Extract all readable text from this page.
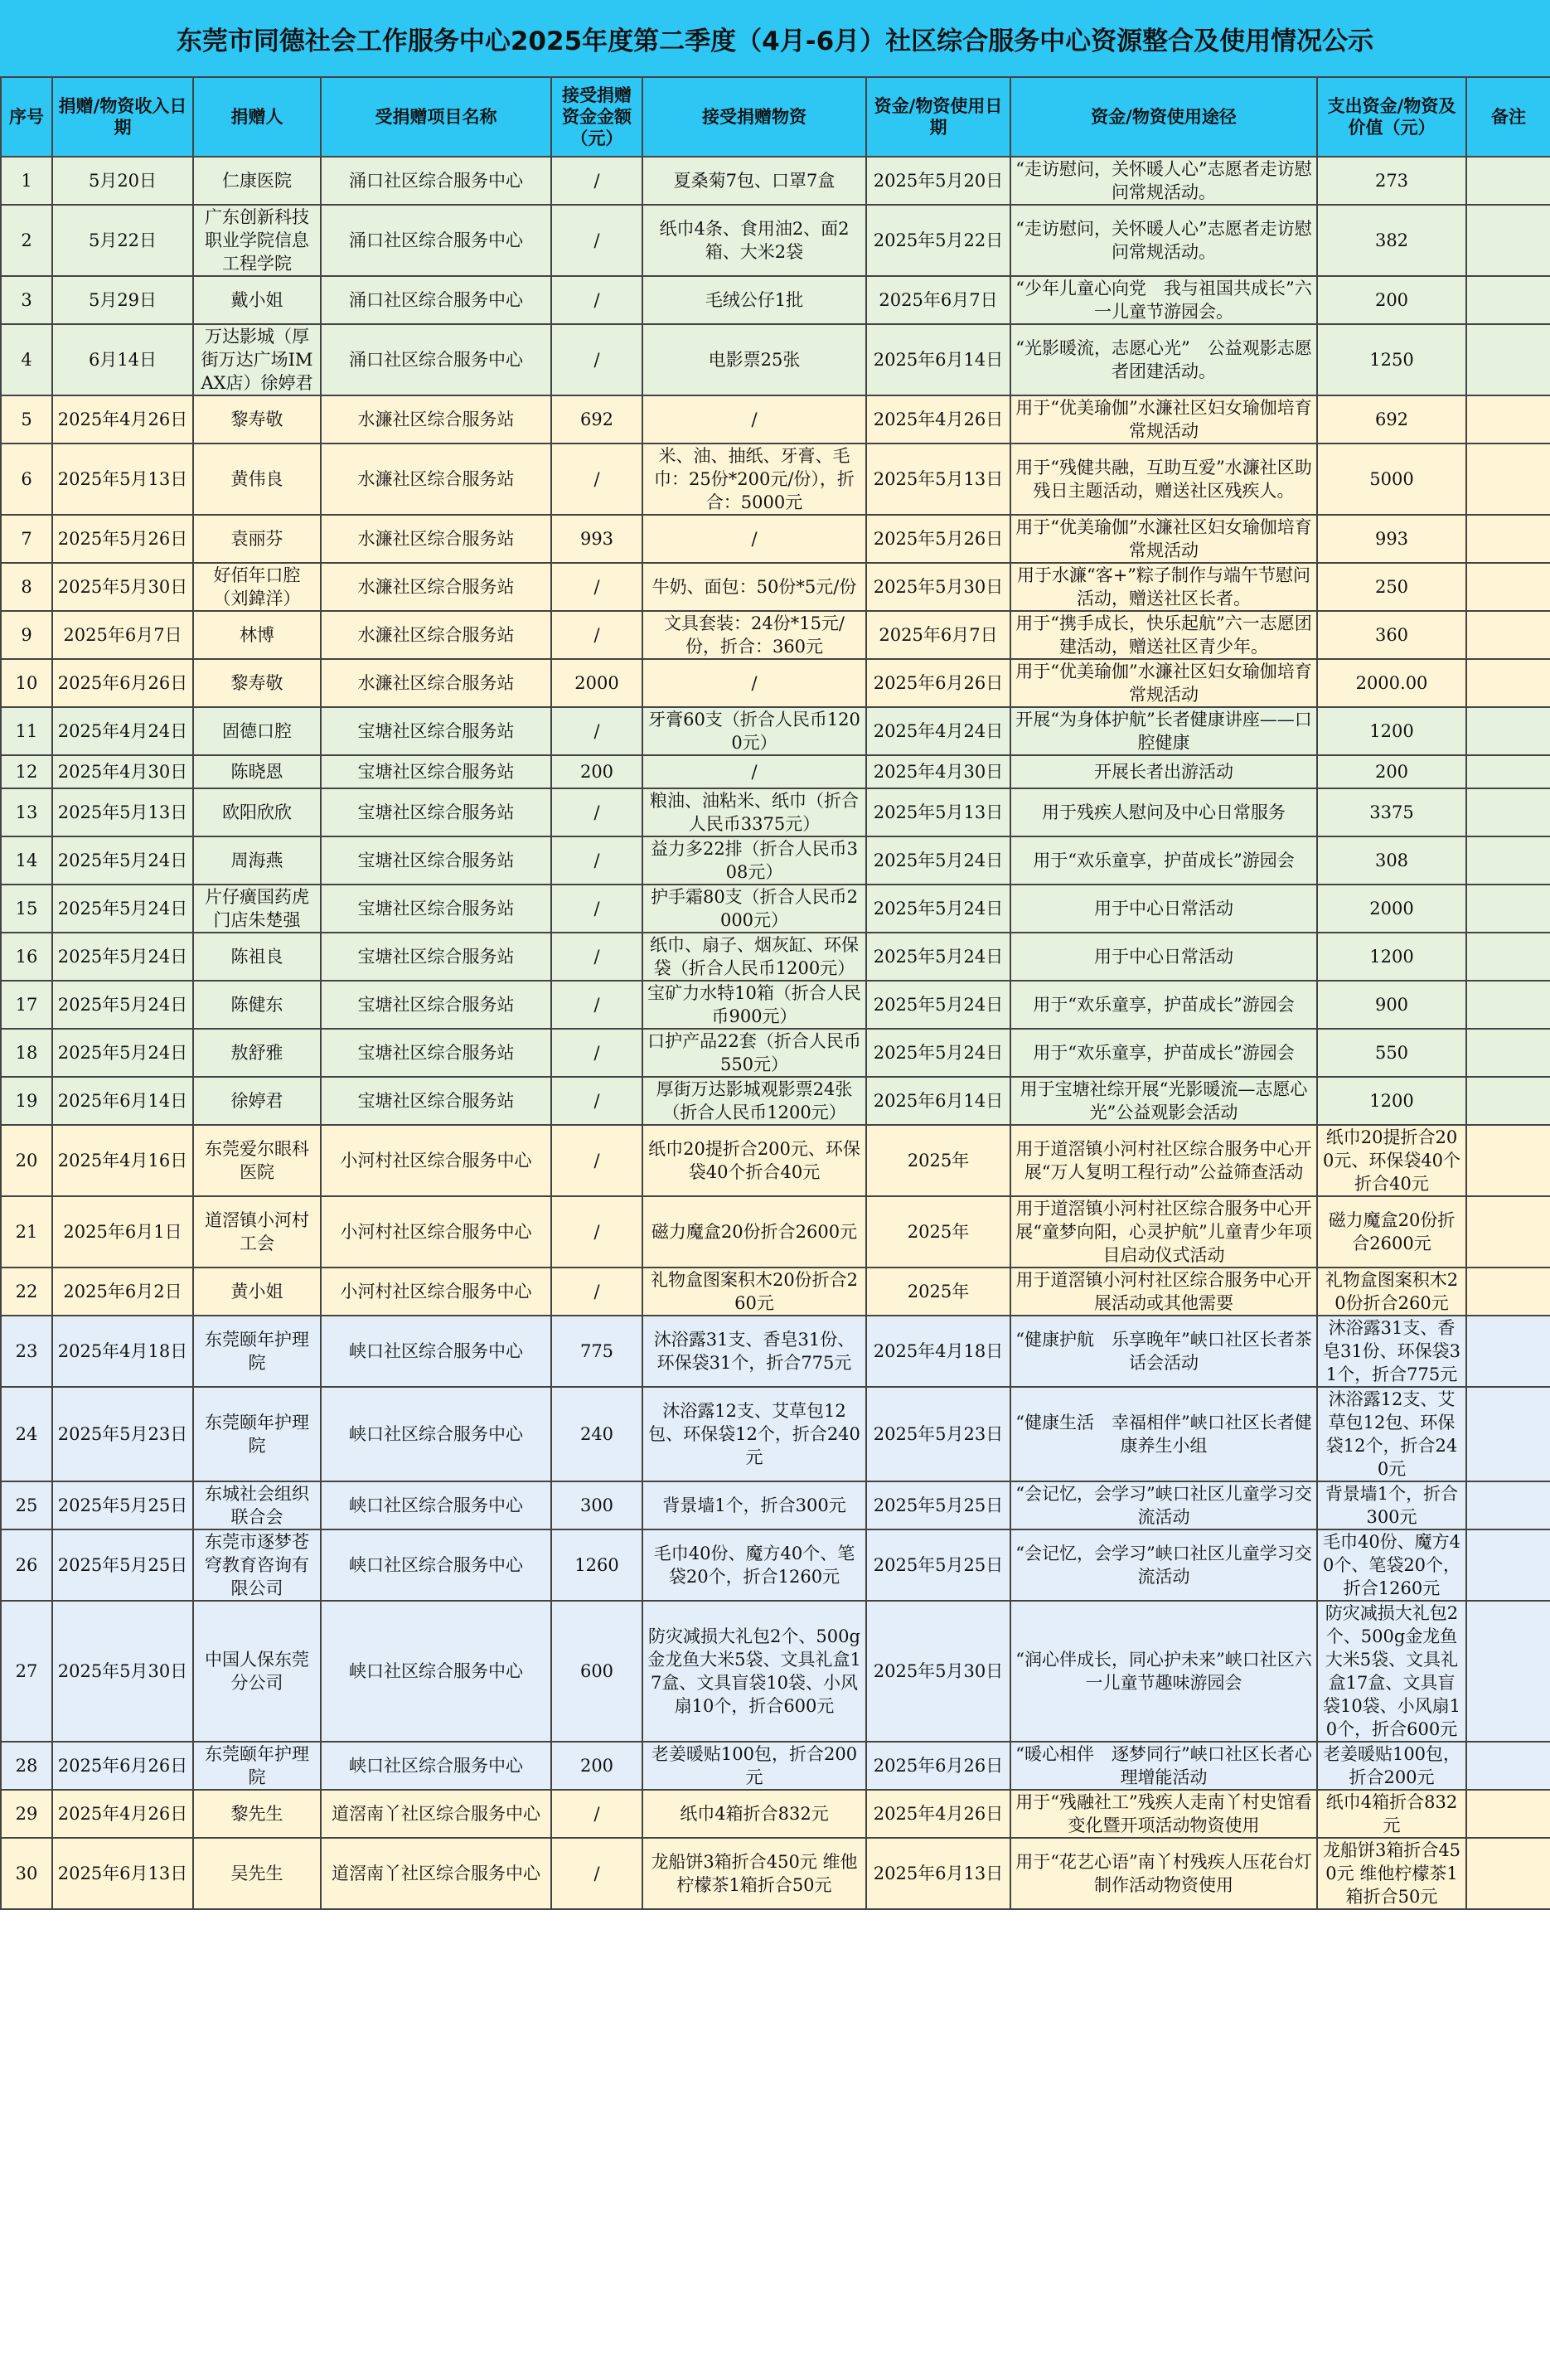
东莞市同德社会工作服务中心2025年度第二季度（4月-6月）社区综合服务中心资源整合及使用情况公示
序号	捐赠/物资收入日期	捐赠人	受捐赠项目名称	接受捐赠资金金额（元）	接受捐赠物资	资金/物资使用日期	资金/物资使用途径	支出资金/物资及价值（元）	备注
1	5月20日	仁康医院	涌口社区综合服务中心	/	夏桑菊7包、口罩7盒	2025年5月20日	“走访慰问，关怀暖人心”志愿者走访慰问常规活动。	273	
2	5月22日	广东创新科技职业学院信息工程学院	涌口社区综合服务中心	/	纸巾4条、食用油2、面2箱、大米2袋	2025年5月22日	“走访慰问，关怀暖人心”志愿者走访慰问常规活动。	382	
3	5月29日	戴小姐	涌口社区综合服务中心	/	毛绒公仔1批	2025年6月7日	“少年儿童心向党　我与祖国共成长”六一儿童节游园会。	200	
4	6月14日	万达影城（厚街万达广场IMAX店）徐婷君	涌口社区综合服务中心	/	电影票25张	2025年6月14日	“光影暖流，志愿心光”　公益观影志愿者团建活动。	1250	
5	2025年4月26日	黎寿敬	水濂社区综合服务站	692	/	2025年4月26日	用于“优美瑜伽”水濂社区妇女瑜伽培育常规活动	692	
6	2025年5月13日	黄伟良	水濂社区综合服务站	/	米、油、抽纸、牙膏、毛巾：25份*200元/份），折合：5000元	2025年5月13日	用于“残健共融，互助互爱”水濂社区助残日主题活动，赠送社区残疾人。	5000	
7	2025年5月26日	袁丽芬	水濂社区综合服务站	993	/	2025年5月26日	用于“优美瑜伽”水濂社区妇女瑜伽培育常规活动	993	
8	2025年5月30日	好佰年口腔（刘鍏洋）	水濂社区综合服务站	/	牛奶、面包：50份*5元/份	2025年5月30日	用于水濂“客+”粽子制作与端午节慰问活动，赠送社区长者。	250	
9	2025年6月7日	林博	水濂社区综合服务站	/	文具套装：24份*15元/份，折合：360元	2025年6月7日	用于“携手成长，快乐起航”六一志愿团建活动，赠送社区青少年。	360	
10	2025年6月26日	黎寿敬	水濂社区综合服务站	2000	/	2025年6月26日	用于“优美瑜伽”水濂社区妇女瑜伽培育常规活动	2000.00	
11	2025年4月24日	固德口腔	宝塘社区综合服务站	/	牙膏60支（折合人民币1200元）	2025年4月24日	开展“为身体护航”长者健康讲座——口腔健康	1200	
12	2025年4月30日	陈晓恩	宝塘社区综合服务站	200	/	2025年4月30日	开展长者出游活动	200	
13	2025年5月13日	欧阳欣欣	宝塘社区综合服务站	/	粮油、油粘米、纸巾（折合人民币3375元）	2025年5月13日	用于残疾人慰问及中心日常服务	3375	
14	2025年5月24日	周海燕	宝塘社区综合服务站	/	益力多22排（折合人民币308元）	2025年5月24日	用于“欢乐童享，护苗成长”游园会	308	
15	2025年5月24日	片仔癀国药虎门店朱楚强	宝塘社区综合服务站	/	护手霜80支（折合人民币2000元）	2025年5月24日	用于中心日常活动	2000	
16	2025年5月24日	陈祖良	宝塘社区综合服务站	/	纸巾、扇子、烟灰缸、环保袋（折合人民币1200元）	2025年5月24日	用于中心日常活动	1200	
17	2025年5月24日	陈健东	宝塘社区综合服务站	/	宝矿力水特10箱（折合人民币900元）	2025年5月24日	用于“欢乐童享，护苗成长”游园会	900	
18	2025年5月24日	敖舒雅	宝塘社区综合服务站	/	口护产品22套（折合人民币550元）	2025年5月24日	用于“欢乐童享，护苗成长”游园会	550	
19	2025年6月14日	徐婷君	宝塘社区综合服务站	/	厚街万达影城观影票24张（折合人民币1200元）	2025年6月14日	用于宝塘社综开展“光影暖流—志愿心光”公益观影会活动	1200	
20	2025年4月16日	东莞爱尔眼科医院	小河村社区综合服务中心	/	纸巾20提折合200元、环保袋40个折合40元	2025年	用于道滘镇小河村社区综合服务中心开展“万人复明工程行动”公益筛查活动	纸巾20提折合200元、环保袋40个折合40元	
21	2025年6月1日	道滘镇小河村工会	小河村社区综合服务中心	/	磁力魔盒20份折合2600元	2025年	用于道滘镇小河村社区综合服务中心开展“童梦向阳，心灵护航”儿童青少年项目启动仪式活动	磁力魔盒20份折合2600元	
22	2025年6月2日	黄小姐	小河村社区综合服务中心	/	礼物盒图案积木20份折合260元	2025年	用于道滘镇小河村社区综合服务中心开展活动或其他需要	礼物盒图案积木20份折合260元	
23	2025年4月18日	东莞颐年护理院	峡口社区综合服务中心	775	沐浴露31支、香皂31份、环保袋31个，折合775元	2025年4月18日	“健康护航　乐享晚年”峡口社区长者茶话会活动	沐浴露31支、香皂31份、环保袋31个，折合775元	
24	2025年5月23日	东莞颐年护理院	峡口社区综合服务中心	240	沐浴露12支、艾草包12包、环保袋12个，折合240元	2025年5月23日	“健康生活　幸福相伴”峡口社区长者健康养生小组	沐浴露12支、艾草包12包、环保袋12个，折合240元	
25	2025年5月25日	东城社会组织联合会	峡口社区综合服务中心	300	背景墙1个，折合300元	2025年5月25日	“会记忆，会学习”峡口社区儿童学习交流活动	背景墙1个，折合300元	
26	2025年5月25日	东莞市逐梦苍穹教育咨询有限公司	峡口社区综合服务中心	1260	毛巾40份、魔方40个、笔袋20个，折合1260元	2025年5月25日	“会记忆，会学习”峡口社区儿童学习交流活动	毛巾40份、魔方40个、笔袋20个，折合1260元	
27	2025年5月30日	中国人保东莞分公司	峡口社区综合服务中心	600	防灾减损大礼包2个、500g金龙鱼大米5袋、文具礼盒17盒、文具盲袋10袋、小风扇10个，折合600元	2025年5月30日	“润心伴成长，同心护未来”峡口社区六一儿童节趣味游园会	防灾减损大礼包2个、500g金龙鱼大米5袋、文具礼盒17盒、文具盲袋10袋、小风扇10个，折合600元	
28	2025年6月26日	东莞颐年护理院	峡口社区综合服务中心	200	老姜暖贴100包，折合200元	2025年6月26日	“暖心相伴　逐梦同行”峡口社区长者心理增能活动	老姜暖贴100包，折合200元	
29	2025年4月26日	黎先生	道滘南丫社区综合服务中心	/	纸巾4箱折合832元	2025年4月26日	用于“残融社工”残疾人走南丫村史馆看变化暨开项活动物资使用	纸巾4箱折合832元	
30	2025年6月13日	吴先生	道滘南丫社区综合服务中心	/	龙船饼3箱折合450元 维他柠檬茶1箱折合50元	2025年6月13日	用于“花艺心语”南丫村残疾人压花台灯制作活动物资使用	龙船饼3箱折合450元 维他柠檬茶1箱折合50元	
